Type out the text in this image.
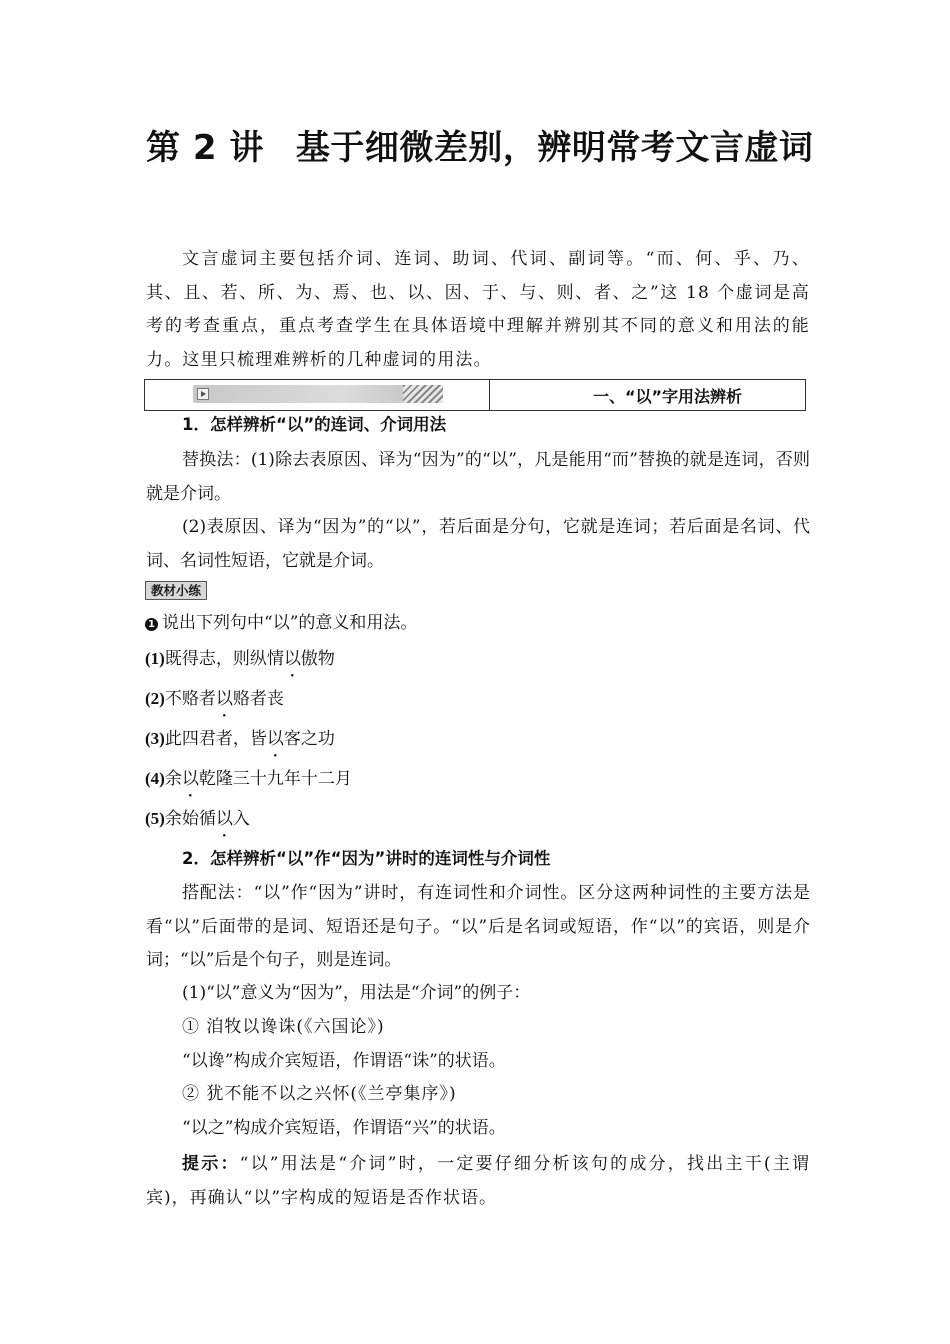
第 2 讲 基于细微差别，辨明常考文言虚词

文言虚词主要包括介词、连词、助词、代词、副词等。“而、何、乎、乃、其、且、若、所、为、焉、也、以、因、于、与、则、者、之”这 18 个虚词是高考的考查重点，重点考查学生在具体语境中理解并辨别其不同的意义和用法的能力。这里只梳理难辨析的几种虚词的用法。

一、“以”字用法辨析

1．怎样辨析“以”的连词、介词用法

替换法：(1)除去表原因、译为“因为”的“以”，凡是能用“而”替换的就是连词，否则就是介词。

(2)表原因、译为“因为”的“以”，若后面是分句，它就是连词；若后面是名词、代词、名词性短语，它就是介词。

教材小练

1 说出下列句中“以”的意义和用法。

(1)既得志，则纵情以傲物

(2)不赂者以赂者丧

(3)此四君者，皆以客之功

(4)余以乾隆三十九年十二月

(5)余始循以入

2．怎样辨析“以”作“因为”讲时的连词性与介词性

搭配法：“以”作“因为”讲时，有连词性和介词性。区分这两种词性的主要方法是看“以”后面带的是词、短语还是句子。“以”后是名词或短语，作“以”的宾语，则是介词；“以”后是个句子，则是连词。

(1)“以”意义为“因为”，用法是“介词”的例子：

① 洎牧以谗诛(《六国论》)

“以谗”构成介宾短语，作谓语“诛”的状语。

② 犹不能不以之兴怀(《兰亭集序》)

“以之”构成介宾短语，作谓语“兴”的状语。

提示：“以”用法是“介词”时，一定要仔细分析该句的成分，找出主干(主谓宾)，再确认“以”字构成的短语是否作状语。
